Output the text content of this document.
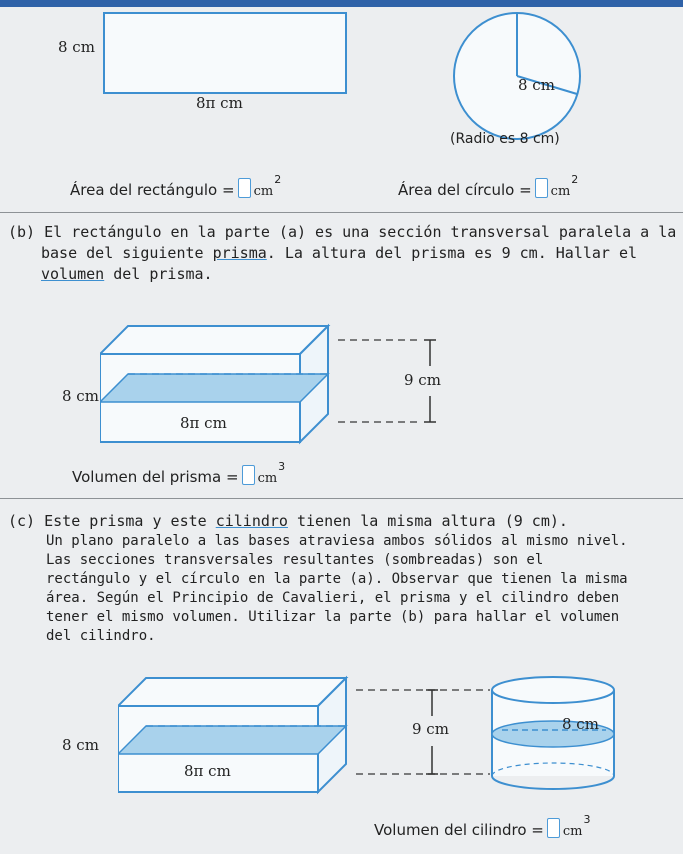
8 cm
8π cm
8 cm
(Radio es 8 cm)
Área del rectángulo = $cm^2$
Área del círculo = $cm^2$

(b) El rectángulo en la parte (a) es una sección transversal paralela a la

base del siguiente prisma. La altura del prisma es 9 cm. Hallar el

volumen del prisma.

9 cm
8 cm
8π cm
Volumen del prisma = $cm^3$

(c) Este prisma y este cilindro tienen la misma altura (9 cm).

Un plano paralelo a las bases atraviesa ambos sólidos al mismo nivel.
Las secciones transversales resultantes (sombreadas) son el
rectángulo y el círculo en la parte (a). Observar que tienen la misma
área. Según el Principio de Cavalieri, el prisma y el cilindro deben
tener el mismo volumen. Utilizar la parte (b) para hallar el volumen
del cilindro.
9 cm
8 cm
8π cm
8 cm
Volumen del cilindro = $cm^3$
